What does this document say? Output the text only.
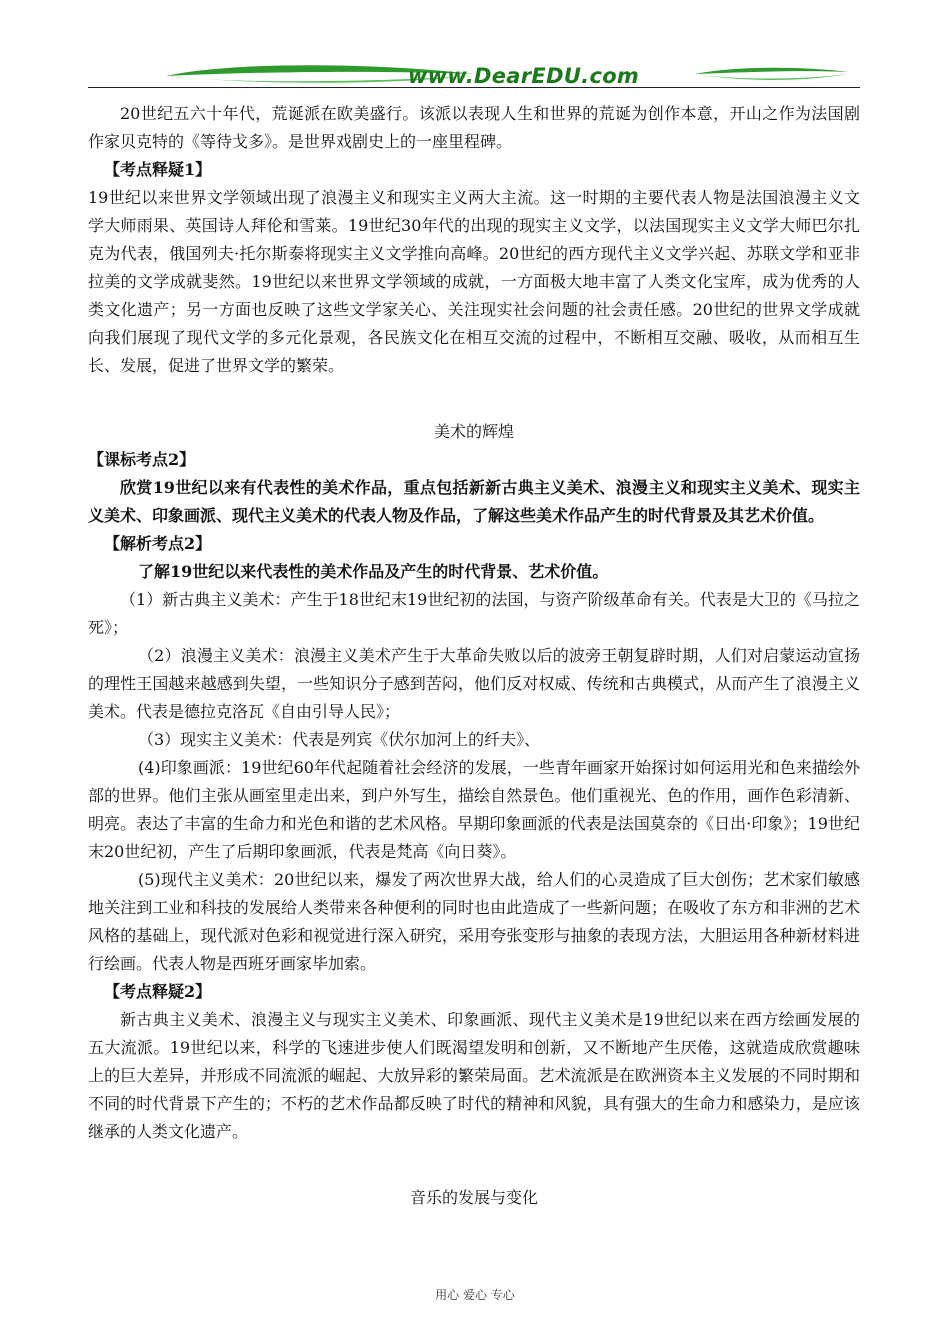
www.DearEDU.com

20世纪五六十年代，荒诞派在欧美盛行。该派以表现人生和世界的荒诞为创作本意，开山之作为法国剧作家贝克特的《等待戈多》。是世界戏剧史上的一座里程碑。

【考点释疑1】

19世纪以来世界文学领域出现了浪漫主义和现实主义两大主流。这一时期的主要代表人物是法国浪漫主义文学大师雨果、英国诗人拜伦和雪莱。19世纪30年代的出现的现实主义文学，以法国现实主义文学大师巴尔扎克为代表，俄国列夫·托尔斯泰将现实主义文学推向高峰。20世纪的西方现代主义文学兴起、苏联文学和亚非拉美的文学成就斐然。19世纪以来世界文学领域的成就，一方面极大地丰富了人类文化宝库，成为优秀的人类文化遗产；另一方面也反映了这些文学家关心、关注现实社会问题的社会责任感。20世纪的世界文学成就向我们展现了现代文学的多元化景观，各民族文化在相互交流的过程中，不断相互交融、吸收，从而相互生长、发展，促进了世界文学的繁荣。

美术的辉煌

【课标考点2】

欣赏19世纪以来有代表性的美术作品，重点包括新新古典主义美术、浪漫主义和现实主义美术、现实主义美术、印象画派、现代主义美术的代表人物及作品，了解这些美术作品产生的时代背景及其艺术价值。

【解析考点2】

了解19世纪以来代表性的美术作品及产生的时代背景、艺术价值。

（1）新古典主义美术：产生于18世纪末19世纪初的法国，与资产阶级革命有关。代表是大卫的《马拉之死》；

（2）浪漫主义美术：浪漫主义美术产生于大革命失败以后的波旁王朝复辟时期，人们对启蒙运动宣扬的理性王国越来越感到失望，一些知识分子感到苦闷，他们反对权威、传统和古典模式，从而产生了浪漫主义美术。代表是德拉克洛瓦《自由引导人民》；

（3）现实主义美术：代表是列宾《伏尔加河上的纤夫》、

(4)印象画派：19世纪60年代起随着社会经济的发展，一些青年画家开始探讨如何运用光和色来描绘外部的世界。他们主张从画室里走出来，到户外写生，描绘自然景色。他们重视光、色的作用，画作色彩清新、明亮。表达了丰富的生命力和光色和谐的艺术风格。早期印象画派的代表是法国莫奈的《日出·印象》；19世纪末20世纪初，产生了后期印象画派，代表是梵高《向日葵》。

(5)现代主义美术：20世纪以来，爆发了两次世界大战，给人们的心灵造成了巨大创伤；艺术家们敏感地关注到工业和科技的发展给人类带来各种便利的同时也由此造成了一些新问题；在吸收了东方和非洲的艺术风格的基础上，现代派对色彩和视觉进行深入研究，采用夸张变形与抽象的表现方法，大胆运用各种新材料进行绘画。代表人物是西班牙画家毕加索。

【考点释疑2】

新古典主义美术、浪漫主义与现实主义美术、印象画派、现代主义美术是19世纪以来在西方绘画发展的五大流派。19世纪以来，科学的飞速进步使人们既渴望发明和创新，又不断地产生厌倦，这就造成欣赏趣味上的巨大差异，并形成不同流派的崛起、大放异彩的繁荣局面。艺术流派是在欧洲资本主义发展的不同时期和不同的时代背景下产生的；不朽的艺术作品都反映了时代的精神和风貌，具有强大的生命力和感染力，是应该继承的人类文化遗产。

音乐的发展与变化

用心 爱心 专心
